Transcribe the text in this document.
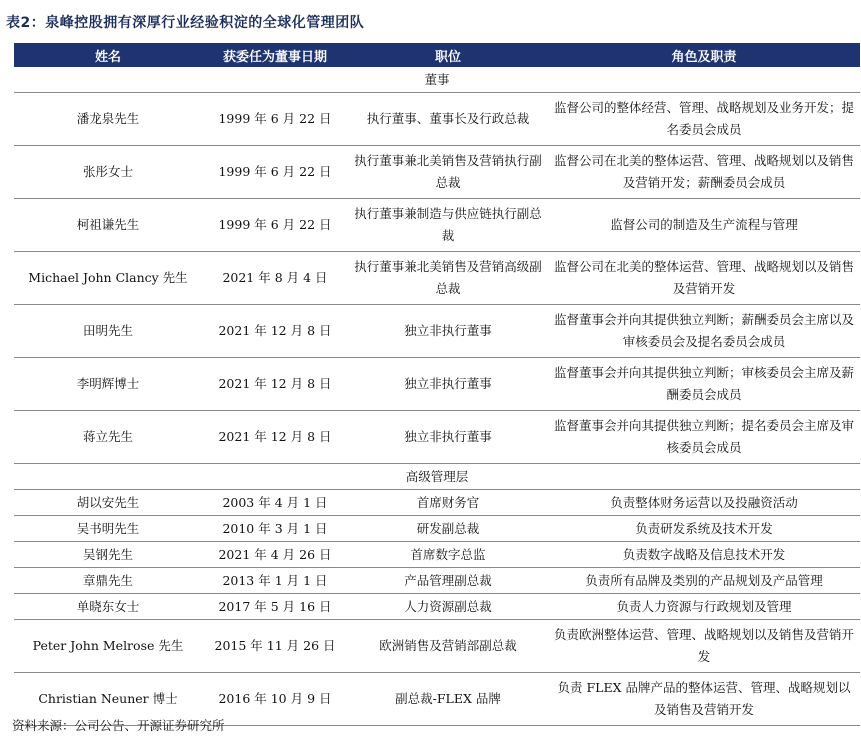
表2：泉峰控股拥有深厚行业经验积淀的全球化管理团队
姓名	获委任为董事日期	职位	角色及职责
董事			
潘龙泉先生	1999 年 6 月 22 日	执行董事、董事长及行政总裁	监督公司的整体经营、管理、战略规划及业务开发；提名委员会成员
张彤女士	1999 年 6 月 22 日	执行董事兼北美销售及营销执行副总裁	监督公司在北美的整体运营、管理、战略规划以及销售及营销开发；薪酬委员会成员
柯祖谦先生	1999 年 6 月 22 日	执行董事兼制造与供应链执行副总裁	监督公司的制造及生产流程与管理
Michael John Clancy 先生	2021 年 8 月 4 日	执行董事兼北美销售及营销高级副总裁	监督公司在北美的整体运营、管理、战略规划以及销售及营销开发
田明先生	2021 年 12 月 8 日	独立非执行董事	监督董事会并向其提供独立判断；薪酬委员会主席以及审核委员会及提名委员会成员
李明辉博士	2021 年 12 月 8 日	独立非执行董事	监督董事会并向其提供独立判断；审核委员会主席及薪酬委员会成员
蒋立先生	2021 年 12 月 8 日	独立非执行董事	监督董事会并向其提供独立判断；提名委员会主席及审核委员会成员
高级管理层			
胡以安先生	2003 年 4 月 1 日	首席财务官	负责整体财务运营以及投融资活动
吴书明先生	2010 年 3 月 1 日	研发副总裁	负责研发系统及技术开发
吴钢先生	2021 年 4 月 26 日	首席数字总监	负责数字战略及信息技术开发
章鼎先生	2013 年 1 月 1 日	产品管理副总裁	负责所有品牌及类别的产品规划及产品管理
单晓东女士	2017 年 5 月 16 日	人力资源副总裁	负责人力资源与行政规划及管理
Peter John Melrose 先生	2015 年 11 月 26 日	欧洲销售及营销部副总裁	负责欧洲整体运营、管理、战略规划以及销售及营销开发
Christian Neuner 博士	2016 年 10 月 9 日	副总裁-FLEX 品牌	负责 FLEX 品牌产品的整体运营、管理、战略规划以及销售及营销开发
资料来源：公司公告、开源证券研究所
